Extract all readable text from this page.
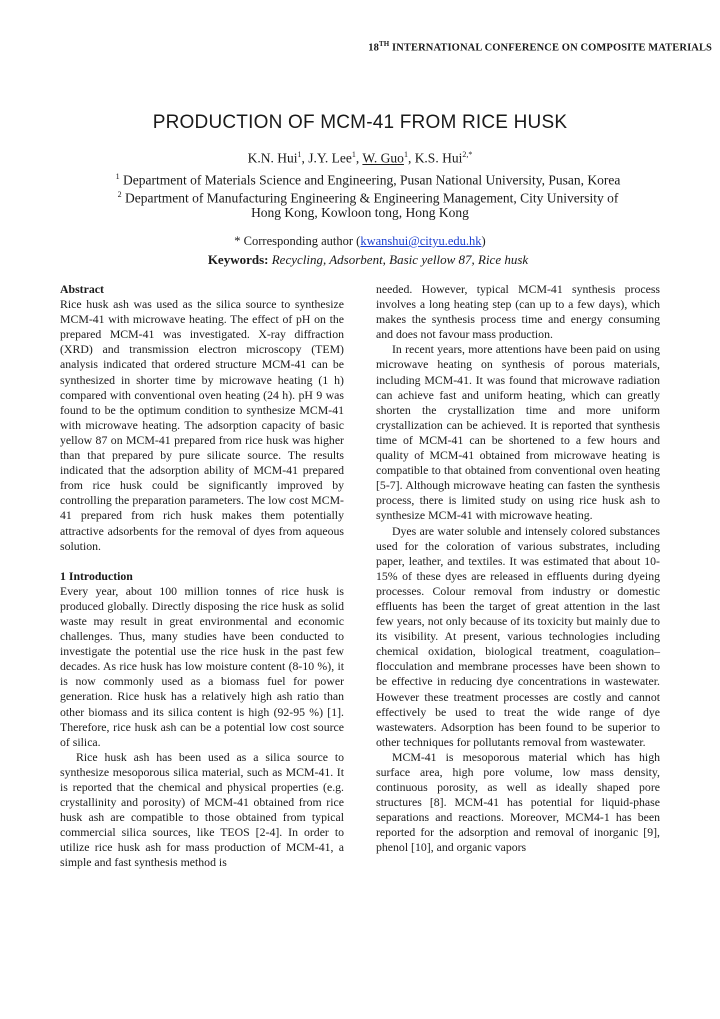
18TH INTERNATIONAL CONFERENCE ON COMPOSITE MATERIALS
PRODUCTION OF MCM-41 FROM RICE HUSK
K.N. Hui$^1$, J.Y. Lee$^1$, W. Guo$^1$, K.S. Hui$^{2,*}$
$^1$ Department of Materials Science and Engineering, Pusan National University, Pusan, Korea
$^2$ Department of Manufacturing Engineering & Engineering Management, City University of
Hong Kong, Kowloon tong, Hong Kong
* Corresponding author (kwanshui@cityu.edu.hk)
Keywords: Recycling, Adsorbent, Basic yellow 87, Rice husk
Abstract

Rice husk ash was used as the silica source to synthesize MCM-41 with microwave heating. The effect of pH on the prepared MCM-41 was investigated. X-ray diffraction (XRD) and transmission electron microscopy (TEM) analysis indicated that ordered structure MCM-41 can be synthesized in shorter time by microwave heating (1 h) compared with conventional oven heating (24 h). pH 9 was found to be the optimum condition to synthesize MCM-41 with microwave heating. The adsorption capacity of basic yellow 87 on MCM-41 prepared from rice husk was higher than that prepared by pure silicate source. The results indicated that the adsorption ability of MCM-41 prepared from rice husk could be significantly improved by controlling the preparation parameters. The low cost MCM-41 prepared from rich husk makes them potentially attractive adsorbents for the removal of dyes from aqueous solution.

1 Introduction

Every year, about 100 million tonnes of rice husk is produced globally. Directly disposing the rice husk as solid waste may result in great environmental and economic challenges. Thus, many studies have been conducted to investigate the potential use the rice husk in the past few decades. As rice husk has low moisture content (8-10 %), it is now commonly used as a biomass fuel for power generation. Rice husk has a relatively high ash ratio than other biomass and its silica content is high (92-95 %) [1]. Therefore, rice husk ash can be a potential low cost source of silica.

Rice husk ash has been used as a silica source to synthesize mesoporous silica material, such as MCM-41. It is reported that the chemical and physical properties (e.g. crystallinity and porosity) of MCM-41 obtained from rice husk ash are compatible to those obtained from typical commercial silica sources, like TEOS [2-4]. In order to utilize rice husk ash for mass production of MCM-41, a simple and fast synthesis method is

needed. However, typical MCM-41 synthesis process involves a long heating step (can up to a few days), which makes the synthesis process time and energy consuming and does not favour mass production.

In recent years, more attentions have been paid on using microwave heating on synthesis of porous materials, including MCM-41. It was found that microwave radiation can achieve fast and uniform heating, which can greatly shorten the crystallization time and more uniform crystallization can be achieved. It is reported that synthesis time of MCM-41 can be shortened to a few hours and quality of MCM-41 obtained from microwave heating is compatible to that obtained from conventional oven heating [5-7]. Although microwave heating can fasten the synthesis process, there is limited study on using rice husk ash to synthesize MCM-41 with microwave heating.

Dyes are water soluble and intensely colored substances used for the coloration of various substrates, including paper, leather, and textiles. It was estimated that about 10-15% of these dyes are released in effluents during dyeing processes. Colour removal from industry or domestic effluents has been the target of great attention in the last few years, not only because of its toxicity but mainly due to its visibility. At present, various technologies including chemical oxidation, biological treatment, coagulation–flocculation and membrane processes have been shown to be effective in reducing dye concentrations in wastewater. However these treatment processes are costly and cannot effectively be used to treat the wide range of dye wastewaters. Adsorption has been found to be superior to other techniques for pollutants removal from wastewater.

MCM-41 is mesoporous material which has high surface area, high pore volume, low mass density, continuous porosity, as well as ideally shaped pore structures [8]. MCM-41 has potential for liquid-phase separations and reactions. Moreover, MCM4-1 has been reported for the adsorption and removal of inorganic [9], phenol [10], and organic vapors
